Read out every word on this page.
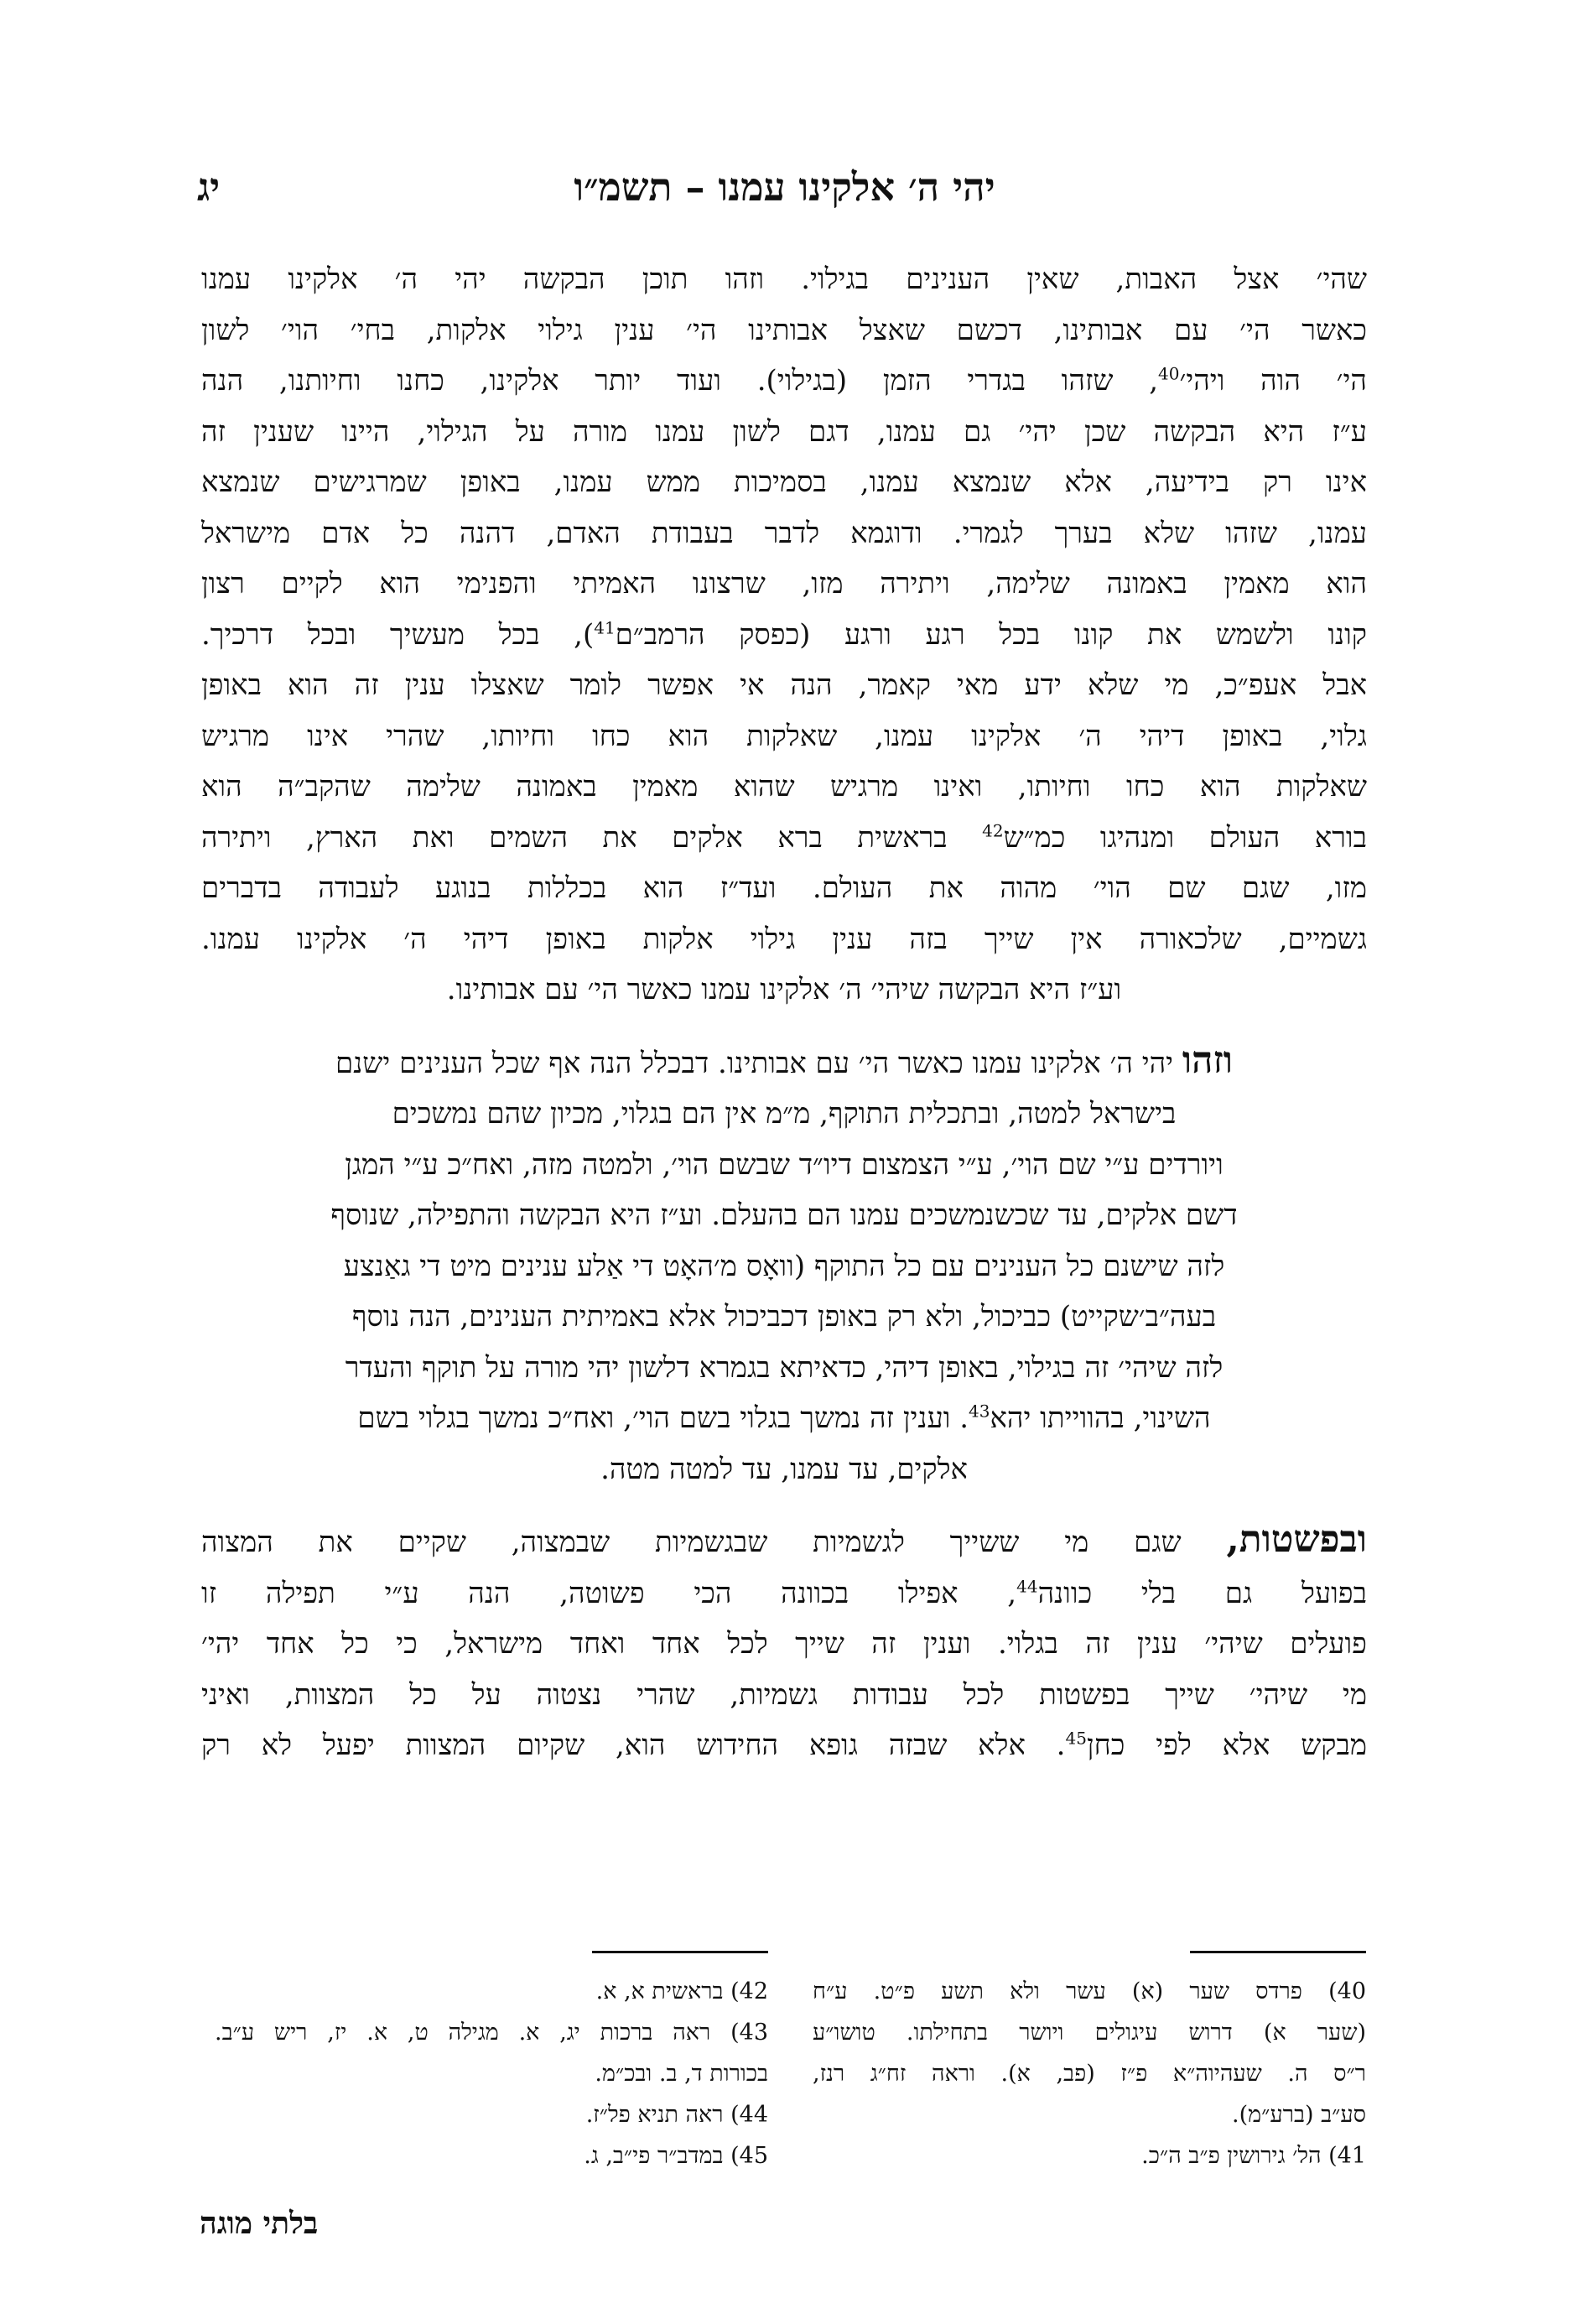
יהי ה׳ אלקינו עמנו – תשמ״ו
יג

שהי׳ אצל האבות, שאין הענינים בגילוי. וזהו תוכן הבקשה יהי ה׳ אלקינו עמנו
כאשר הי׳ עם אבותינו, דכשם שאצל אבותינו הי׳ ענין גילוי אלקות, בחי׳ הוי׳ לשון
הי׳ הוה ויהי׳$^{40}$, שזהו בגדרי הזמן (בגילוי). ועוד יותר אלקינו, כחנו וחיותנו, הנה
ע״ז היא הבקשה שכן יהי׳ גם עמנו, דגם לשון עמנו מורה על הגילוי, היינו שענין זה
אינו רק בידיעה, אלא שנמצא עמנו, בסמיכות ממש עמנו, באופן שמרגישים שנמצא
עמנו, שזהו שלא בערך לגמרי. ודוגמא לדבר בעבודת האדם, דהנה כל אדם מישראל
הוא מאמין באמונה שלימה, ויתירה מזו, שרצונו האמיתי והפנימי הוא לקיים רצון
קונו ולשמש את קונו בכל רגע ורגע (כפסק הרמב״ם$^{41}$), בכל מעשיך ובכל דרכיך.
אבל אעפ״כ, מי שלא ידע מאי קאמר, הנה אי אפשר לומר שאצלו ענין זה הוא באופן
גלוי, באופן דיהי ה׳ אלקינו עמנו, שאלקות הוא כחו וחיותו, שהרי אינו מרגיש
שאלקות הוא כחו וחיותו, ואינו מרגיש שהוא מאמין באמונה שלימה שהקב״ה הוא
בורא העולם ומנהיגו כמ״ש$^{42}$ בראשית ברא אלקים את השמים ואת הארץ, ויתירה
מזו, שגם שם הוי׳ מהוה את העולם. ועד״ז הוא בכללות בנוגע לעבודה בדברים
גשמיים, שלכאורה אין שייך בזה ענין גילוי אלקות באופן דיהי ה׳ אלקינו עמנו.

וע״ז היא הבקשה שיהי׳ ה׳ אלקינו עמנו כאשר הי׳ עם אבותינו.

וזהו יהי ה׳ אלקינו עמנו כאשר הי׳ עם אבותינו. דבכלל הנה אף שכל הענינים ישנם
בישראל למטה, ובתכלית התוקף, מ״מ אין הם בגלוי, מכיון שהם נמשכים
ויורדים ע״י שם הוי׳, ע״י הצמצום דיו״ד שבשם הוי׳, ולמטה מזה, ואח״כ ע״י המגן
דשם אלקים, עד שכשנמשכים עמנו הם בהעלם. וע״ז היא הבקשה והתפילה, שנוסף
לזה שישנם כל הענינים עם כל התוקף (וואָס מ׳האָט די אַלע ענינים מיט די גאַנצע
בעה״ב׳שקייט) כביכול, ולא רק באופן דכביכול אלא באמיתית הענינים, הנה נוסף
לזה שיהי׳ זה בגילוי, באופן דיהי, כדאיתא בגמרא דלשון יהי מורה על תוקף והעדר
השינוי, בהווייתו יהא$^{43}$. וענין זה נמשך בגלוי בשם הוי׳, ואח״כ נמשך בגלוי בשם
אלקים, עד עמנו, עד למטה מטה.

ובפשטות, שגם מי ששייך לגשמיות שבגשמיות שבמצוה, שקיים את המצוה
בפועל גם בלי כוונה$^{44}$, אפילו בכוונה הכי פשוטה, הנה ע״י תפילה זו
פועלים שיהי׳ ענין זה בגלוי. וענין זה שייך לכל אחד ואחד מישראל, כי כל אחד יהי׳
מי שיהי׳ שייך בפשטות לכל עבודות גשמיות, שהרי נצטוה על כל המצוות, ואיני
מבקש אלא לפי כחן$^{45}$. אלא שבזה גופא החידוש הוא, שקיום המצוות יפעל לא רק

40) פרדס שער (א) עשר ולא תשע פ״ט. ע״ח
(שער א) דרוש עיגולים ויושר בתחילתו. טושו״ע
ר״ס ה. שעהיוה״א פ״ז (פב, א). וראה זח״ג רנז,

סע״ב (ברע״מ).

41) הל׳ גירושין פ״ב ה״כ.

42) בראשית א, א.

43) ראה ברכות יג, א. מגילה ט, א. יז, ריש ע״ב.

בכורות ד, ב. ובכ״מ.

44) ראה תניא פל״ז.

45) במדב״ר פי״ב, ג.

בלתי מוגה
